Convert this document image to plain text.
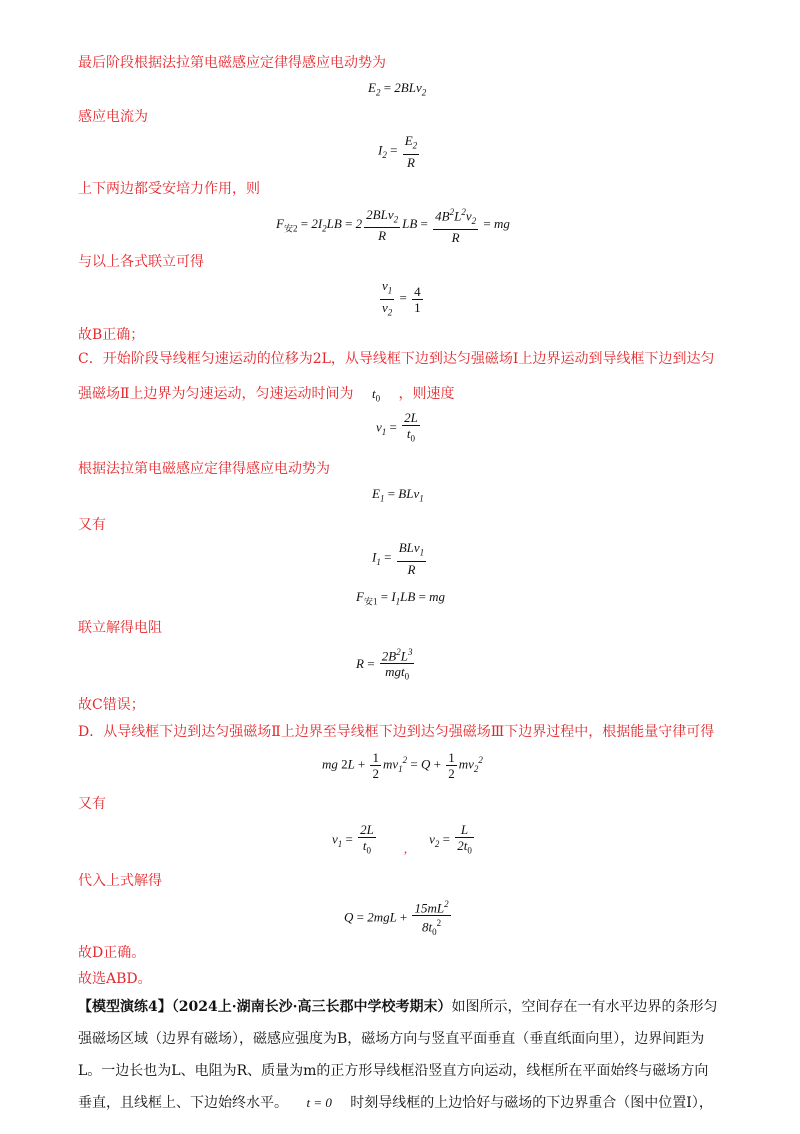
最后阶段根据法拉第电磁感应定律得感应电动势为
$E_2 = 2BLv_2$
感应电流为
$I_2 = \frac{E_2}{R}$
上下两边都受安培力作用，则
$F_{安2} = 2I_2LB = 2 \frac{2BLv_2}{R}$ LB = $\frac{4B^2L^2v_2}{R}$ = mg
与以上各式联立可得
$\frac{v_1}{v_2} = \frac{4}{1}$
故B正确；
C．开始阶段导线框匀速运动的位移为2L，从导线框下边到达匀强磁场I上边界运动到导线框下边到达匀
强磁场Ⅱ上边界为匀速运动，匀速运动时间为 $t_0$ ，则速度
$v_1 = \frac{2L}{t_0}$
根据法拉第电磁感应定律得感应电动势为
$E_1 = BLv_1$
又有
$I_1 = \frac{BLv_1}{R}$
$F_{安1} = I_1LB$ = mg
联立解得电阻
$R = \frac{2B^2L^3}{mgt_0}$
故C错误；
D．从导线框下边到达匀强磁场Ⅱ上边界至导线框下边到达匀强磁场Ⅲ下边界过程中，根据能量守律可得
mg $2L + \frac{1}{2} mv_1^2 = Q + \frac{1}{2} mv_2^2$
又有
$v_1 = \frac{2L}{t_0} ,v_2 = \frac{L}{2t_0}$
代入上式解得
$Q = 2mgL + \frac{15mL^2}{8t_0^2}$
故D正确。
故选ABD。
【模型演练4】（2024上·湖南长沙·高三长郡中学校考期末）如图所示，空间存在一有水平边界的条形匀
强磁场区域（边界有磁场），磁感应强度为B，磁场方向与竖直平面垂直（垂直纸面向里），边界间距为
L。一边长也为L、电阻为R、质量为m的正方形导线框沿竖直方向运动，线框所在平面始终与磁场方向
垂直，且线框上、下边始终水平。 t = 0 时刻导线框的上边恰好与磁场的下边界重合（图中位置Ⅰ），
